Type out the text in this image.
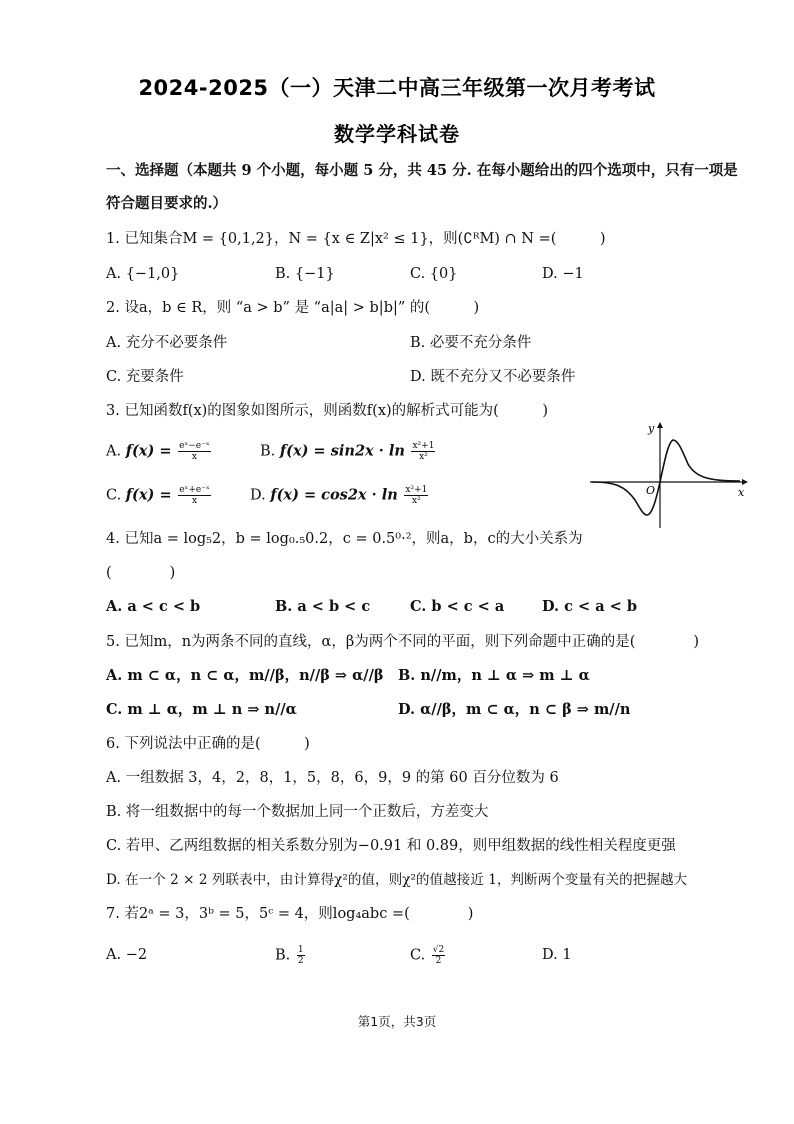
2024-2025（一）天津二中高三年级第一次月考考试
数学学科试卷
一、选择题（本题共 9 个小题，每小题 5 分，共 45 分. 在每小题给出的四个选项中，只有一项是
符合题目要求的.）
1. 已知集合M = {0,1,2}，N = {x ∈ Z|x² ≤ 1}，则(∁ᴿM) ∩ N =(　　　)
A. {−1,0}	B. {−1}	C. {0}	D. −1
2. 设a，b ∈ R，则 “a > b” 是 “a|a| > b|b|” 的(　　　)
A. 充分不必要条件	B. 必要不充分条件
C. 充要条件	D. 既不充分又不必要条件
3. 已知函数f(x)的图象如图所示，则函数f(x)的解析式可能为(　　　)
A. $f(x) = \frac{\text{eˣ−e⁻ˣ}}{x}$	B. $f(x) = \sin 2x \cdot \ln \frac{\text{x²+1}}{\text{x²}}$
C. $f(x) = \frac{\text{eˣ+e⁻ˣ}}{x}$	D. $f(x) = \cos 2x \cdot \ln \frac{\text{x²+1}}{\text{x²}}$
y
x
O
4. 已知a = log₅2，b = log₀.₅0.2，c = 0.5⁰·²，则a，b，c的大小关系为
(　　　　)
A. a < c < b	B. a < b < c	C. b < c < a	D. c < a < b
5. 已知m，n为两条不同的直线，α，β为两个不同的平面，则下列命题中正确的是(　　　　)
A. m ⊂ α，n ⊂ α，m//β，n//β ⇒ α//β B. n//m，n ⊥ α ⇒ m ⊥ α
C. m ⊥ α，m ⊥ n ⇒ n//α	D. α//β，m ⊂ α，n ⊂ β ⇒ m//n
6. 下列说法中正确的是(　　　)
A. 一组数据 3，4，2，8，1，5，8，6，9，9 的第 60 百分位数为 6
B. 将一组数据中的每一个数据加上同一个正数后，方差变大
C. 若甲、乙两组数据的相关系数分别为−0.91 和 0.89，则甲组数据的线性相关程度更强
D. 在一个 2 × 2 列联表中，由计算得χ²的值，则χ²的值越接近 1，判断两个变量有关的把握越大
7. 若2ᵃ = 3，3ᵇ = 5，5ᶜ = 4，则log₄abc =(　　　　)
A. −2	B. $\frac{1}{2}$	C. $\frac{√2}{2}$	D. 1
第1页，共3页
